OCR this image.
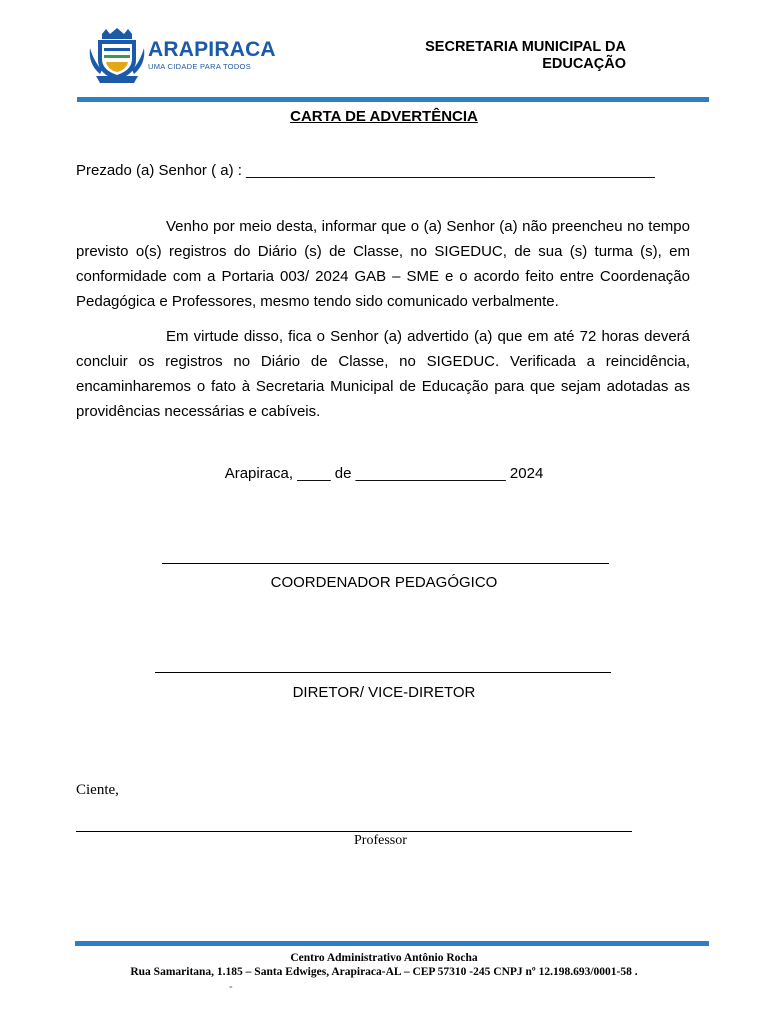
ARAPIRACA
UMA CIDADE PARA TODOS
SECRETARIA MUNICIPAL DA
EDUCAÇÃO
CARTA DE ADVERTÊNCIA
Prezado (a) Senhor ( a) : _________________________________________________
Venho por meio desta, informar que o (a) Senhor (a) não preencheu no tempo previsto o(s) registros do Diário (s) de Classe, no SIGEDUC, de sua (s) turma (s), em conformidade com a Portaria 003/ 2024 GAB – SME e o acordo feito entre Coordenação Pedagógica e Professores, mesmo tendo sido comunicado verbalmente.
Em virtude disso, fica o Senhor (a) advertido (a) que em até 72 horas deverá concluir os registros no Diário de Classe, no SIGEDUC. Verificada a reincidência, encaminharemos o fato à Secretaria Municipal de Educação para que sejam adotadas as providências necessárias e cabíveis.
Arapiraca, ____ de __________________ 2024
COORDENADOR PEDAGÓGICO
DIRETOR/ VICE-DIRETOR
Ciente,
Professor
Centro Administrativo Antônio Rocha
Rua Samaritana, 1.185 – Santa Edwiges, Arapiraca-AL – CEP 57310 -245 CNPJ nº 12.198.693/0001-58 .
-
